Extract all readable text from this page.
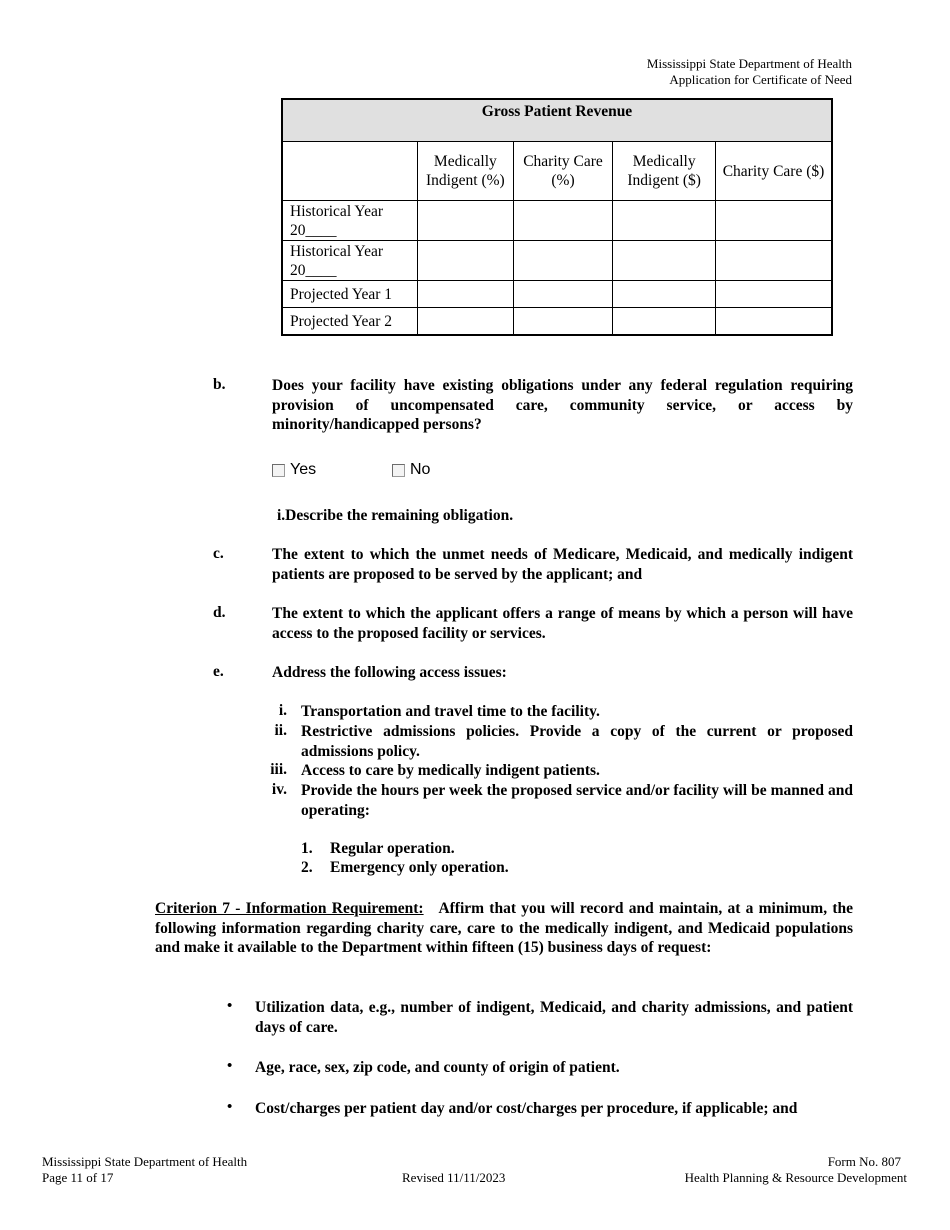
Mississippi State Department of Health
Application for Certificate of Need
Gross Patient Revenue				
	Medically Indigent (%)	Charity Care (%)	Medically Indigent ($)	Charity Care ($)
Historical Year 20____				
Historical Year 20____				
Projected Year 1				
Projected Year 2				
b.	Does your facility have existing obligations under any federal regulation requiring provision of uncompensated care, community service, or access by minority/handicapped persons?
Yes	No
i.Describe the remaining obligation.
c.	The extent to which the unmet needs of Medicare, Medicaid, and medically indigent patients are proposed to be served by the applicant; and
d.	The extent to which the applicant offers a range of means by which a person will have access to the proposed facility or services.
e.	Address the following access issues:
i. Transportation and travel time to the facility.
ii. Restrictive admissions policies. Provide a copy of the current or proposed admissions policy.
iii. Access to care by medically indigent patients.
iv. Provide the hours per week the proposed service and/or facility will be manned and operating:
1. Regular operation.
2. Emergency only operation.
Criterion 7 - Information Requirement: Affirm that you will record and maintain, at a minimum, the following information regarding charity care, care to the medically indigent, and Medicaid populations and make it available to the Department within fifteen (15) business days of request:
• Utilization data, e.g., number of indigent, Medicaid, and charity admissions, and patient days of care.
• Age, race, sex, zip code, and county of origin of patient.
• Cost/charges per patient day and/or cost/charges per procedure, if applicable; and
Mississippi State Department of Health
Page 11 of 17	Revised 11/11/2023
Form No. 807
Health Planning & Resource Development
